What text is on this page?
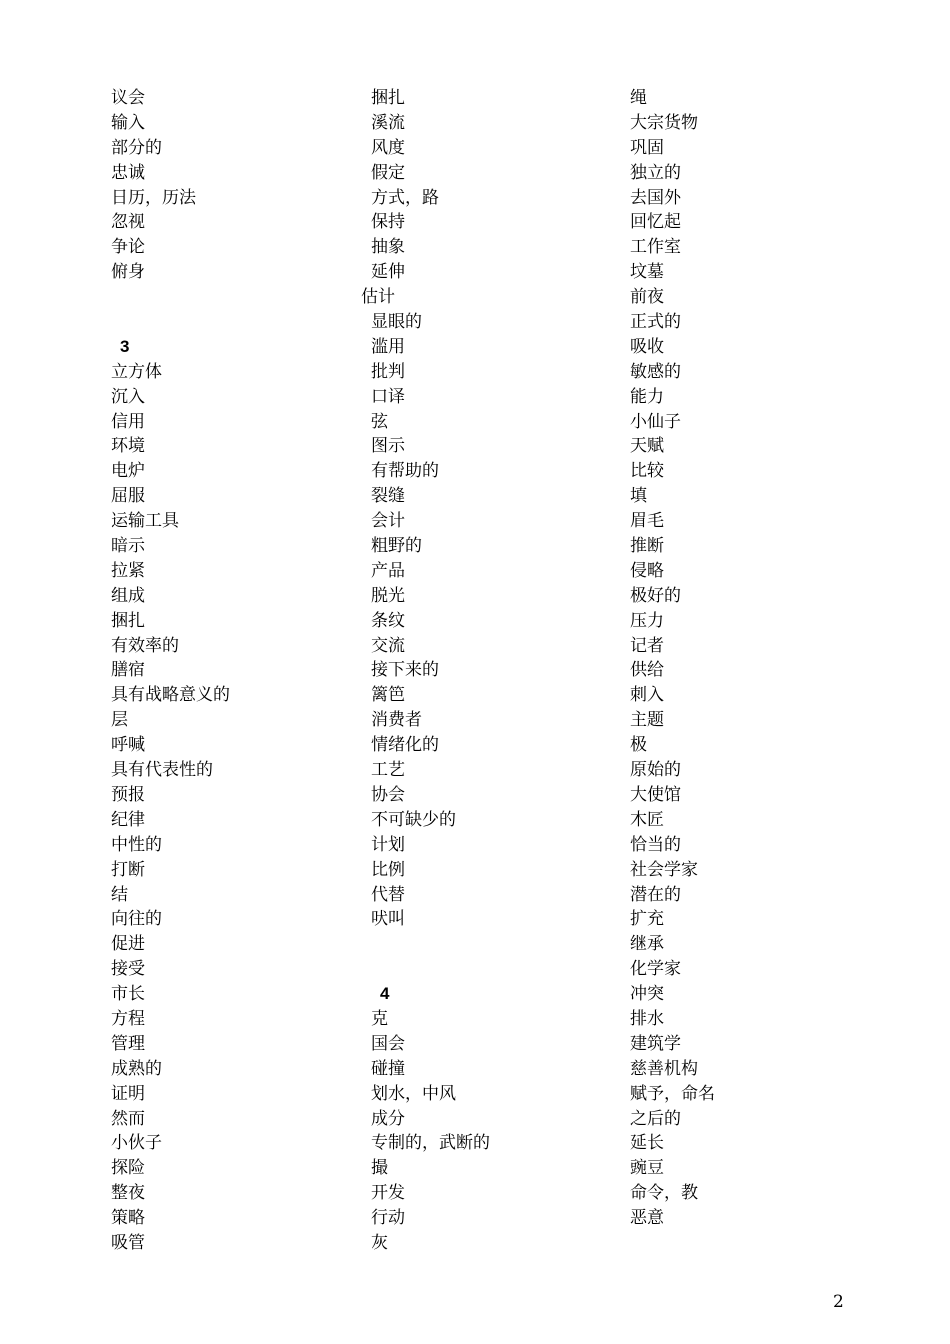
议会
输入
部分的
忠诚
日历，历法
忽视
争论
俯身
3
立方体
沉入
信用
环境
电炉
屈服
运输工具
暗示
拉紧
组成
捆扎
有效率的
膳宿
具有战略意义的
层
呼喊
具有代表性的
预报
纪律
中性的
打断
结
向往的
促进
接受
市长
方程
管理
成熟的
证明
然而
小伙子
探险
整夜
策略
吸管
捆扎
溪流
风度
假定
方式，路
保持
抽象
延伸
估计
显眼的
滥用
批判
口译
弦
图示
有帮助的
裂缝
会计
粗野的
产品
脱光
条纹
交流
接下来的
篱笆
消费者
情绪化的
工艺
协会
不可缺少的
计划
比例
代替
吠叫
4
克
国会
碰撞
划水，中风
成分
专制的，武断的
撮
开发
行动
灰
绳
大宗货物
巩固
独立的
去国外
回忆起
工作室
坟墓
前夜
正式的
吸收
敏感的
能力
小仙子
天赋
比较
填
眉毛
推断
侵略
极好的
压力
记者
供给
刺入
主题
极
原始的
大使馆
木匠
恰当的
社会学家
潜在的
扩充
继承
化学家
冲突
排水
建筑学
慈善机构
赋予，命名
之后的
延长
豌豆
命令，教
恶意
2
